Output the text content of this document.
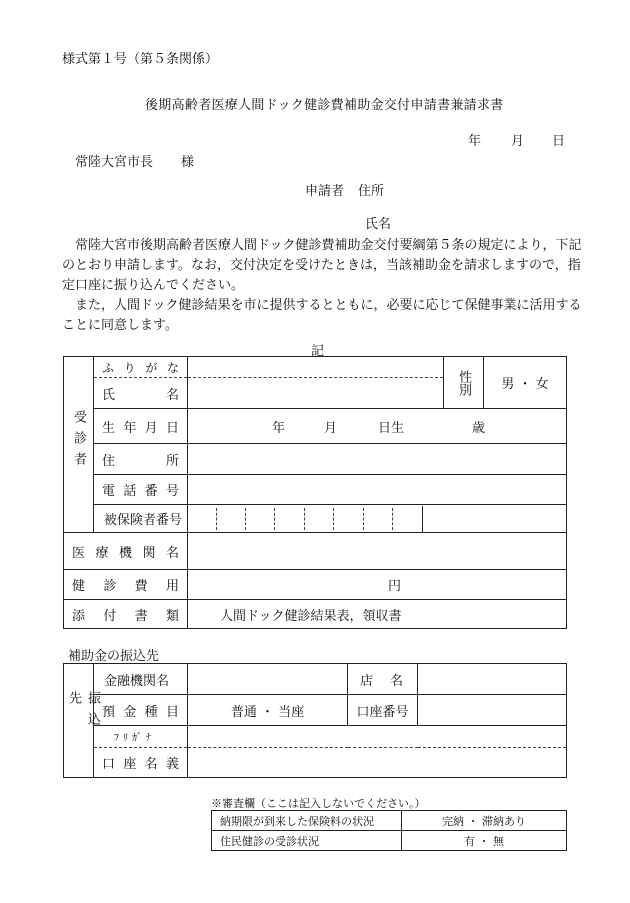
様式第１号（第５条関係）
後期高齢者医療人間ドック健診費補助金交付申請書兼請求書
年 月 日
常陸大宮市長 様
申請者 住所
氏名
常陸大宮市後期高齢者医療人間ドック健診費補助金交付要綱第５条の規定により，下記のとおり申請します。なお，交付決定を受けたときは，当該補助金を請求しますので，指定口座に振り込んでください。
また，人間ドック健診結果を市に提供するとともに，必要に応じて保健事業に活用することに同意します。
記
受診者	ふ り が な		性別	男 ・ 女

	氏 名			

	生 年 月 日	年 月 日生 歳		

	住 所			

	電 話 番 号			

	被保険者番号			

医 療 機 関 名				

健 診 費 用		円		

添 付 書 類		人間ドック健診結果表，領収書		
補助金の振込先
振込先	金融機関名		店 名	

	預 金 種 目	普通 ・ 当座	口座番号	

	ﾌﾘｶﾞﾅ			

	口 座 名 義			

※審査欄（ここは記入しないでください。）
納期限が到来した保険料の状況	完納 ・ 滞納あり
住民健診の受診状況	有 ・ 無
